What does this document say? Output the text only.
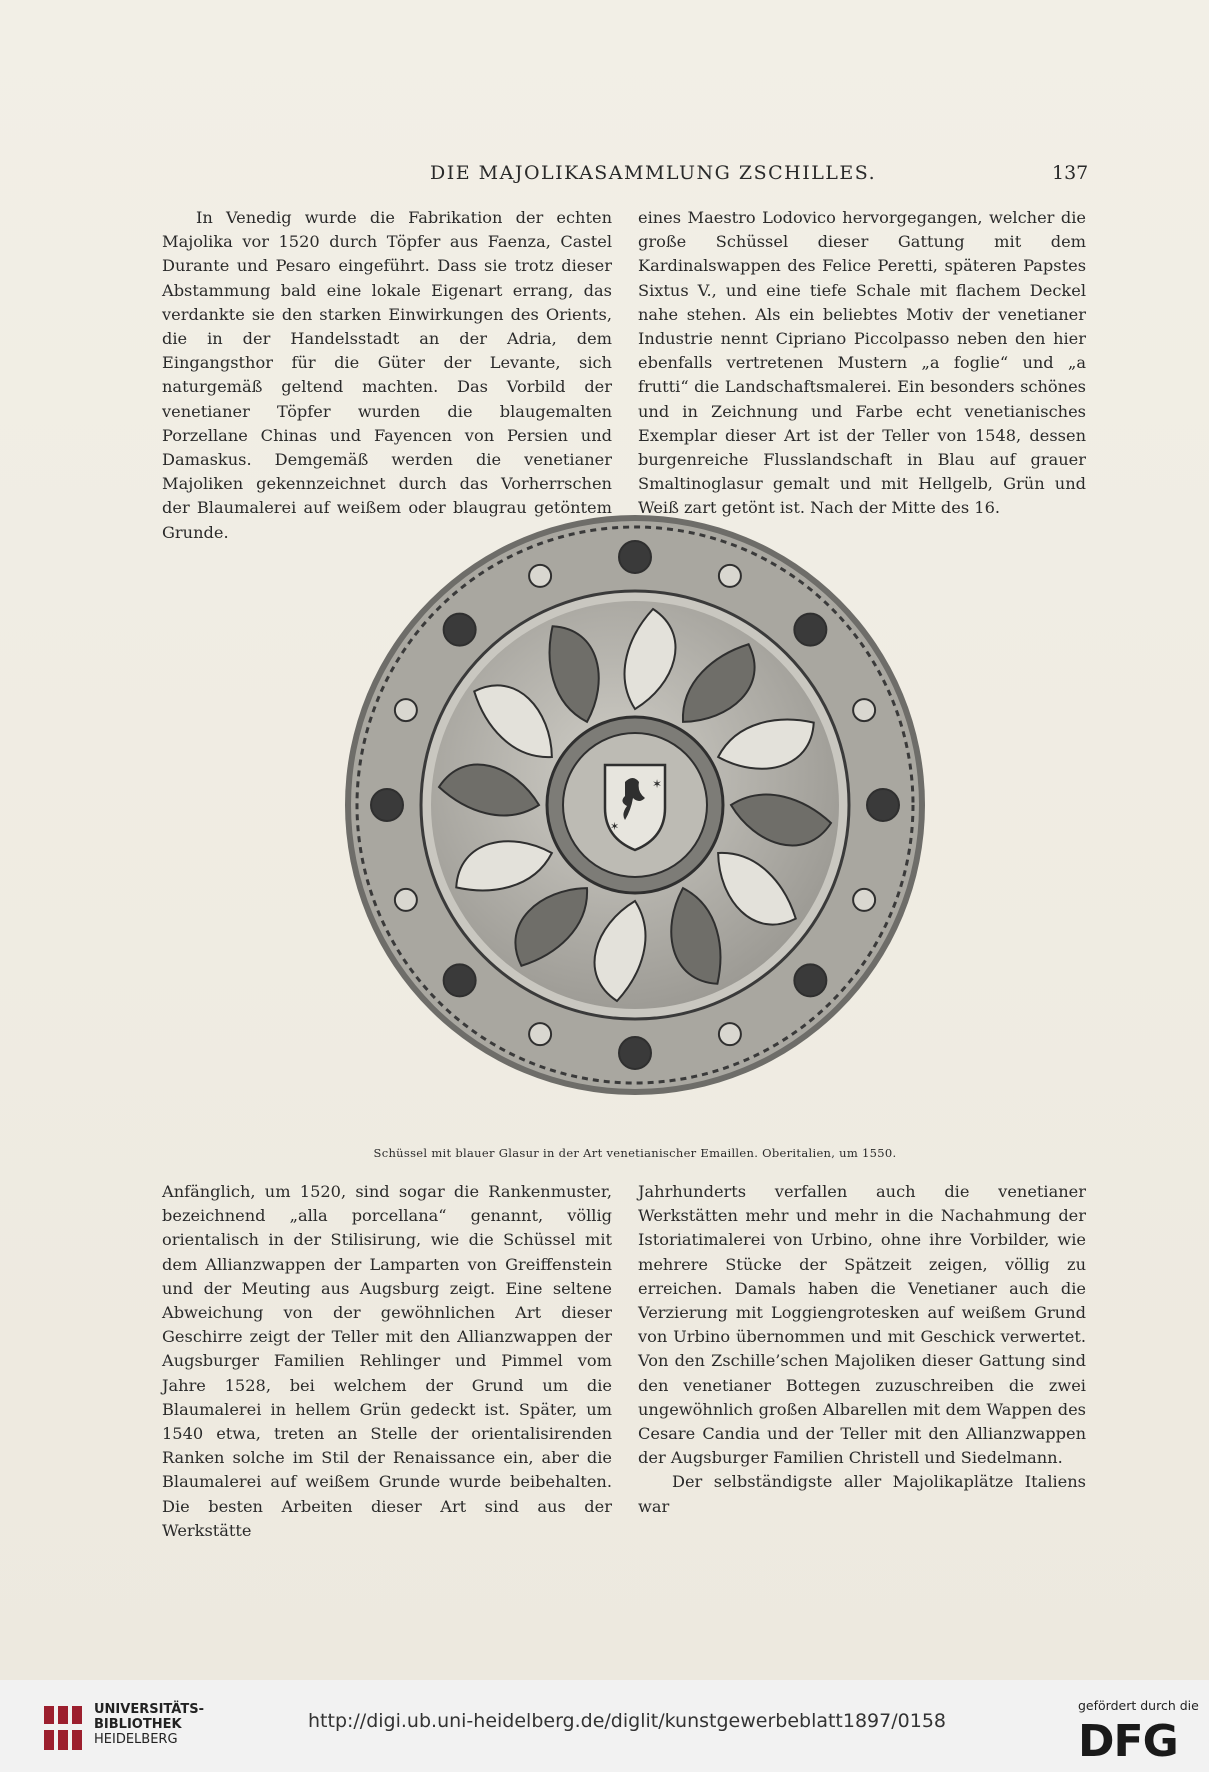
DIE MAJOLIKASAMMLUNG ZSCHILLES.	137

In Venedig wurde die Fabrikation der echten Majolika vor 1520 durch Töpfer aus Faenza, Castel Durante und Pesaro eingeführt. Dass sie trotz dieser Abstammung bald eine lokale Eigenart errang, das verdankte sie den starken Einwirkungen des Orients, die in der Handelsstadt an der Adria, dem Eingangsthor für die Güter der Levante, sich naturgemäß geltend machten. Das Vorbild der venetianer Töpfer wurden die blaugemalten Porzellane Chinas und Fayencen von Persien und Damaskus. Demgemäß werden die venetianer Majoliken gekennzeichnet durch das Vorherrschen der Blaumalerei auf weißem oder blaugrau getöntem Grunde.

eines Maestro Lodovico hervorgegangen, welcher die große Schüssel dieser Gattung mit dem Kardinalswappen des Felice Peretti, späteren Papstes Sixtus V., und eine tiefe Schale mit flachem Deckel nahe stehen. Als ein beliebtes Motiv der venetianer Industrie nennt Cipriano Piccolpasso neben den hier ebenfalls vertretenen Mustern „a foglie“ und „a frutti“ die Landschaftsmalerei. Ein besonders schönes und in Zeichnung und Farbe echt venetianisches Exemplar dieser Art ist der Teller von 1548, dessen burgenreiche Flusslandschaft in Blau auf grauer Smaltinoglasur gemalt und mit Hellgelb, Grün und Weiß zart getönt ist. Nach der Mitte des 16.

✶
✶
Schüssel mit blauer Glasur in der Art venetianischer Emaillen. Oberitalien, um 1550.

Anfänglich, um 1520, sind sogar die Rankenmuster, bezeichnend „alla porcellana“ genannt, völlig orientalisch in der Stilisirung, wie die Schüssel mit dem Allianzwappen der Lamparten von Greiffenstein und der Meuting aus Augsburg zeigt. Eine seltene Abweichung von der gewöhnlichen Art dieser Geschirre zeigt der Teller mit den Allianzwappen der Augsburger Familien Rehlinger und Pimmel vom Jahre 1528, bei welchem der Grund um die Blaumalerei in hellem Grün gedeckt ist. Später, um 1540 etwa, treten an Stelle der orientalisirenden Ranken solche im Stil der Renaissance ein, aber die Blaumalerei auf weißem Grunde wurde beibehalten. Die besten Arbeiten dieser Art sind aus der Werkstätte

Jahrhunderts verfallen auch die venetianer Werkstätten mehr und mehr in die Nachahmung der Istoriatimalerei von Urbino, ohne ihre Vorbilder, wie mehrere Stücke der Spätzeit zeigen, völlig zu erreichen. Damals haben die Venetianer auch die Verzierung mit Loggiengrotesken auf weißem Grund von Urbino übernommen und mit Geschick verwertet. Von den Zschille’schen Majoliken dieser Gattung sind den venetianer Bottegen zuzuschreiben die zwei ungewöhnlich großen Albarellen mit dem Wappen des Cesare Candia und der Teller mit den Allianzwappen der Augsburger Familien Christell und Siedelmann.

Der selbständigste aller Majolikaplätze Italiens war

UNIVERSITÄTS-
BIBLIOTHEK
HEIDELBERG
http://digi.ub.uni-heidelberg.de/diglit/kunstgewerbeblatt1897/0158
gefördert durch die
DFG
